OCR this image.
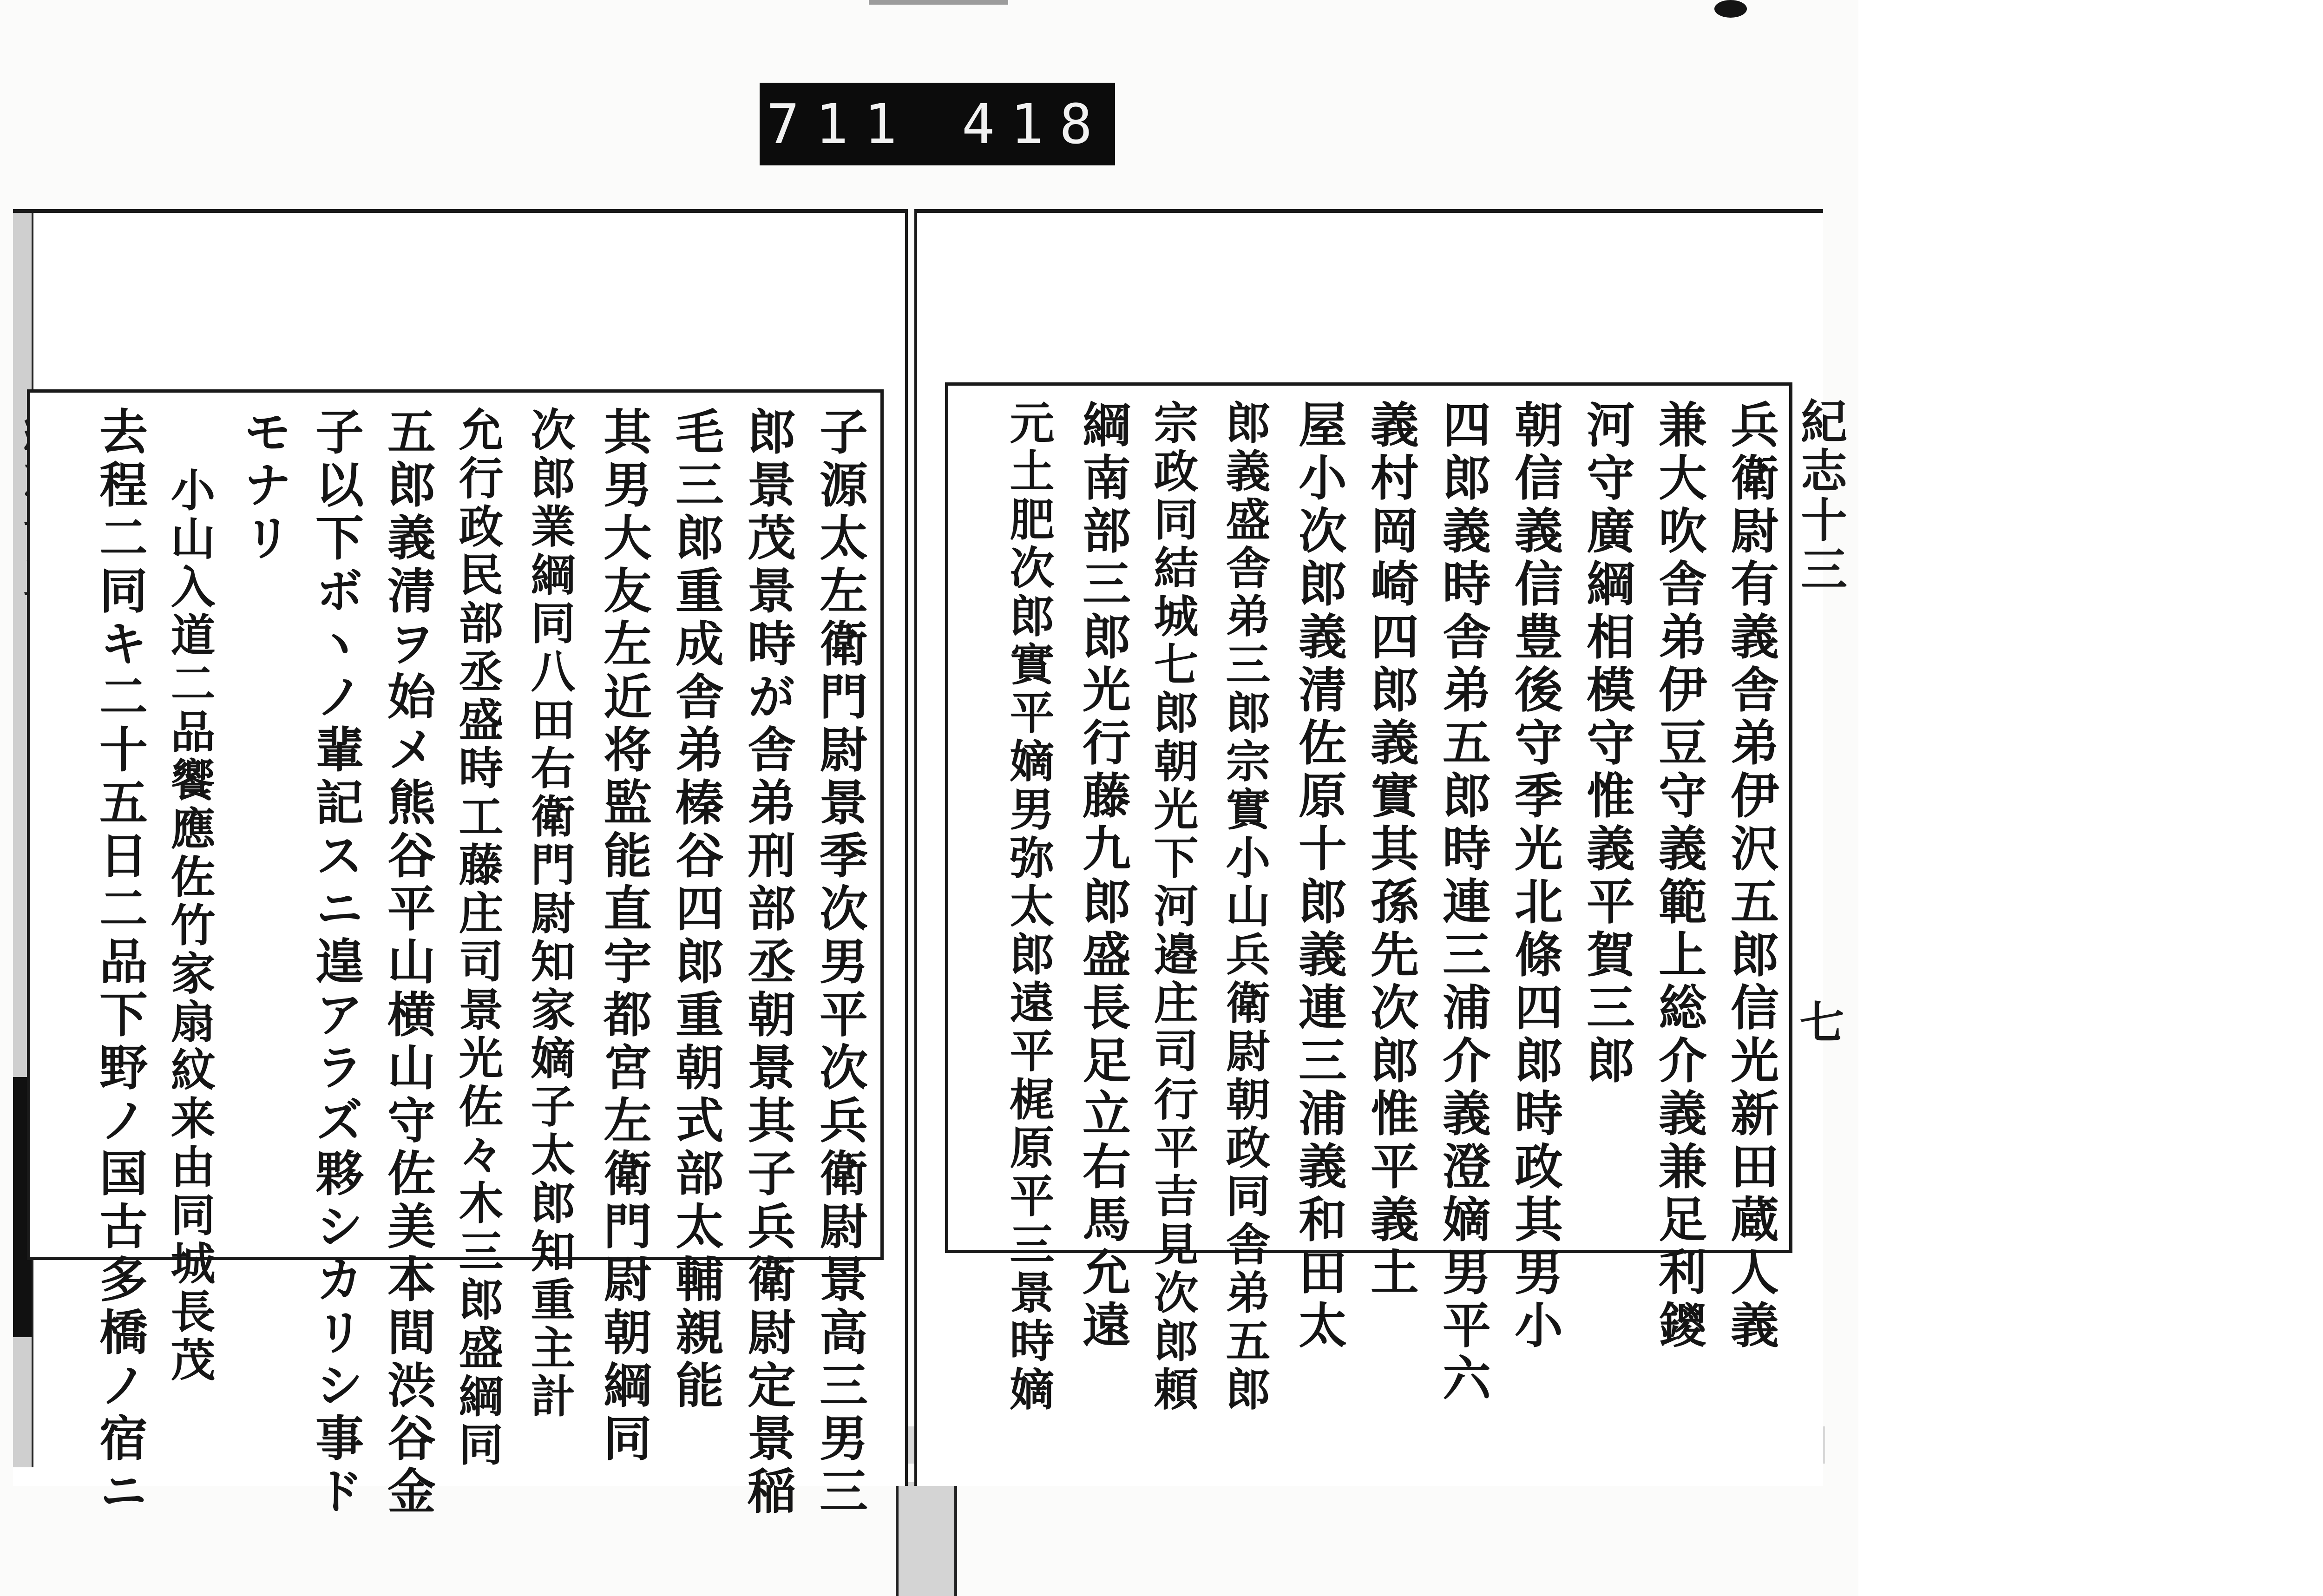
711 418
子源太左衛門尉景季次男平次兵衛尉景高三男三
郎景茂景時が舎弟刑部丞朝景其子兵衛尉定景稲
毛三郎重成舎弟榛谷四郎重朝式部太輔親能
其男大友左近将監能直宇都宮左衛門尉朝綱同
次郎業綱同八田右衛門尉知家嫡子太郎知重主計
允行政民部丞盛時工藤庄司景光佐々木三郎盛綱同
五郎義清ヲ始メ熊谷平山横山守佐美本間渋谷金
子以下ボヽノ輩記スニ遑アラズ夥シカリシ事ド
モナリ
小山入道二品饗應佐竹家扇紋来由同城長茂
去程二同キ二十五日二品下野ノ国古多橋ノ宿ニ	兵衛尉有義舎弟伊沢五郎信光新田蔵人義
兼大吹舎弟伊豆守義範上総介義兼足利鑁
河守廣綱相模守惟義平賀三郎
朝信義信豊後守季光北條四郎時政其男小
四郎義時舎弟五郎時連三浦介義澄嫡男平六
義村岡崎四郎義實其孫先次郎惟平義土
屋小次郎義清佐原十郎義連三浦義和田太
郎義盛舎弟三郎宗實小山兵衛尉朝政同舎弟五郎
宗政同結城七郎朝光下河邉庄司行平吉見次郎頼
綱南部三郎光行藤九郎盛長足立右馬允遠
元土肥次郎實平嫡男弥太郎遠平梶原平三景時嫡	紀志十三
七
